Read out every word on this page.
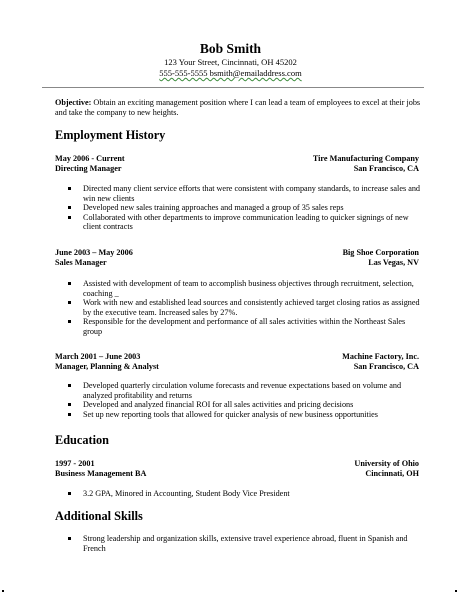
Bob Smith
123 Your Street, Cincinnati, OH 45202
555-555-5555 bsmith@emailaddress.com
Objective: Obtain an exciting management position where I can lead a team of employees to excel at their jobs and take the company to new heights.
Employment History
May 2006 - Current	Tire Manufacturing Company
Directing Manager	San Francisco, CA
Directed many client service efforts that were consistent with company standards, to increase sales and win new clients
Developed new sales training approaches and managed a group of 35 sales reps
Collaborated with other departments to improve communication leading to quicker signings of new client contracts
June 2003 – May 2006	Big Shoe Corporation
Sales Manager	Las Vegas, NV
Assisted with development of team to accomplish business objectives through recruitment, selection, coaching _
Work with new and established lead sources and consistently achieved target closing ratios as assigned by the executive team. Increased sales by 27%.
Responsible for the development and performance of all sales activities within the Northeast Sales group
March 2001 – June 2003	Machine Factory, Inc.
Manager, Planning & Analyst	San Francisco, CA
Developed quarterly circulation volume forecasts and revenue expectations based on volume and analyzed profitability and returns
Developed and analyzed financial ROI for all sales activities and pricing decisions
Set up new reporting tools that allowed for quicker analysis of new business opportunities
Education
1997 - 2001	University of Ohio
Business Management BA	Cincinnati, OH
3.2 GPA, Minored in Accounting, Student Body Vice President
Additional Skills
Strong leadership and organization skills, extensive travel experience abroad, fluent in Spanish and French
